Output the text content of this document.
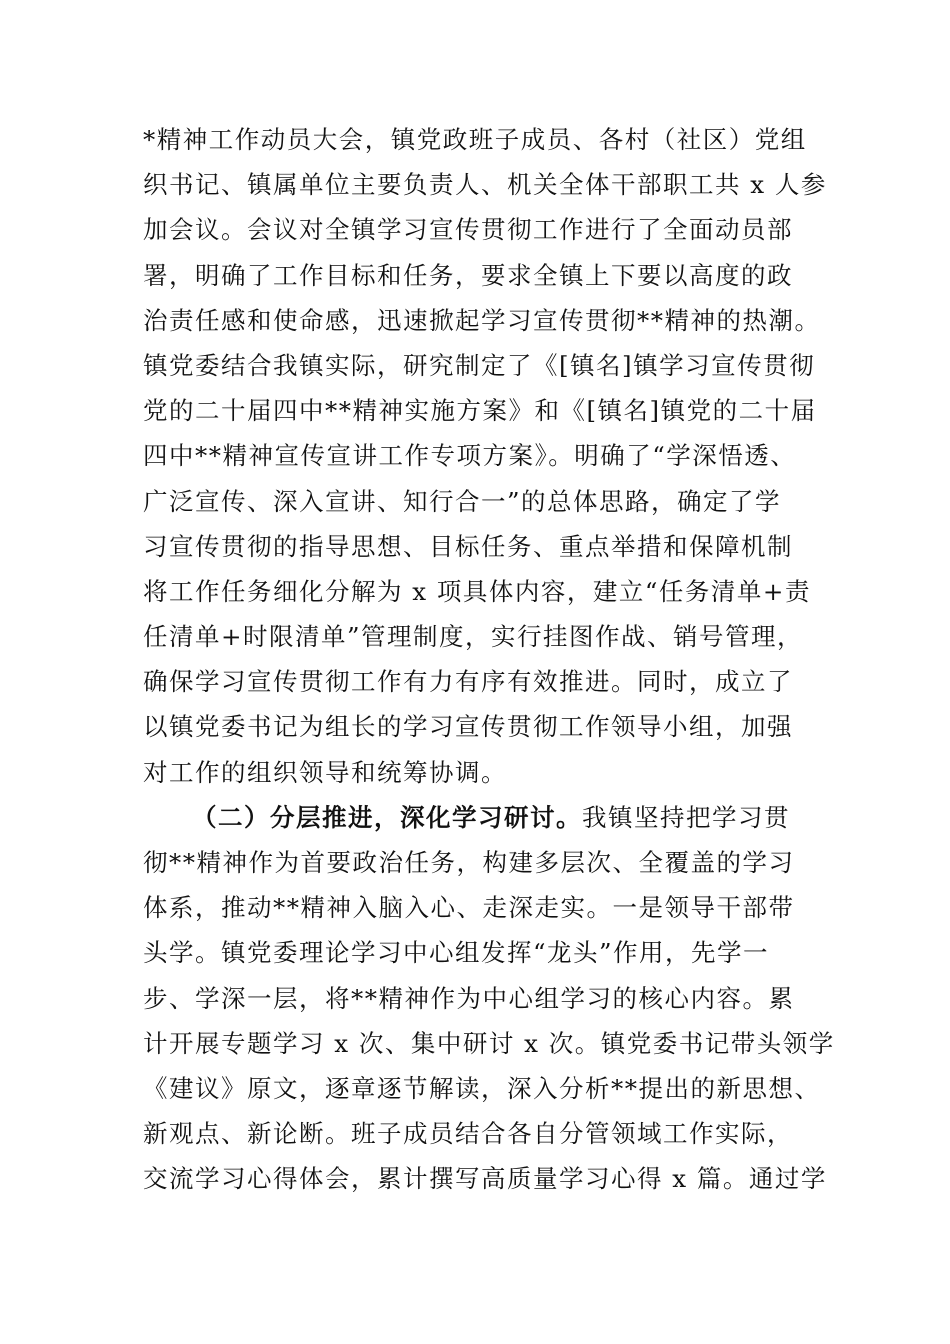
*精神工作动员大会，镇党政班子成员、各村（社区）党组
织书记、镇属单位主要负责人、机关全体干部职工共 x 人参
加会议。会议对全镇学习宣传贯彻工作进行了全面动员部
署，明确了工作目标和任务，要求全镇上下要以高度的政
治责任感和使命感，迅速掀起学习宣传贯彻**精神的热潮。
镇党委结合我镇实际，研究制定了《[镇名]镇学习宣传贯彻
党的二十届四中**精神实施方案》和《[镇名]镇党的二十届
四中**精神宣传宣讲工作专项方案》。明确了“学深悟透、
广泛宣传、深入宣讲、知行合一”的总体思路，确定了学
习宣传贯彻的指导思想、目标任务、重点举措和保障机制
将工作任务细化分解为 x 项具体内容，建立“任务清单+责
任清单+时限清单”管理制度，实行挂图作战、销号管理，
确保学习宣传贯彻工作有力有序有效推进。同时，成立了
以镇党委书记为组长的学习宣传贯彻工作领导小组，加强
对工作的组织领导和统筹协调。
（二）分层推进，深化学习研讨。我镇坚持把学习贯
彻**精神作为首要政治任务，构建多层次、全覆盖的学习
体系，推动**精神入脑入心、走深走实。一是领导干部带
头学。镇党委理论学习中心组发挥“龙头”作用，先学一
步、学深一层，将**精神作为中心组学习的核心内容。累
计开展专题学习 x 次、集中研讨 x 次。镇党委书记带头领学
《建议》原文，逐章逐节解读，深入分析**提出的新思想、
新观点、新论断。班子成员结合各自分管领域工作实际，
交流学习心得体会，累计撰写高质量学习心得 x 篇。通过学
